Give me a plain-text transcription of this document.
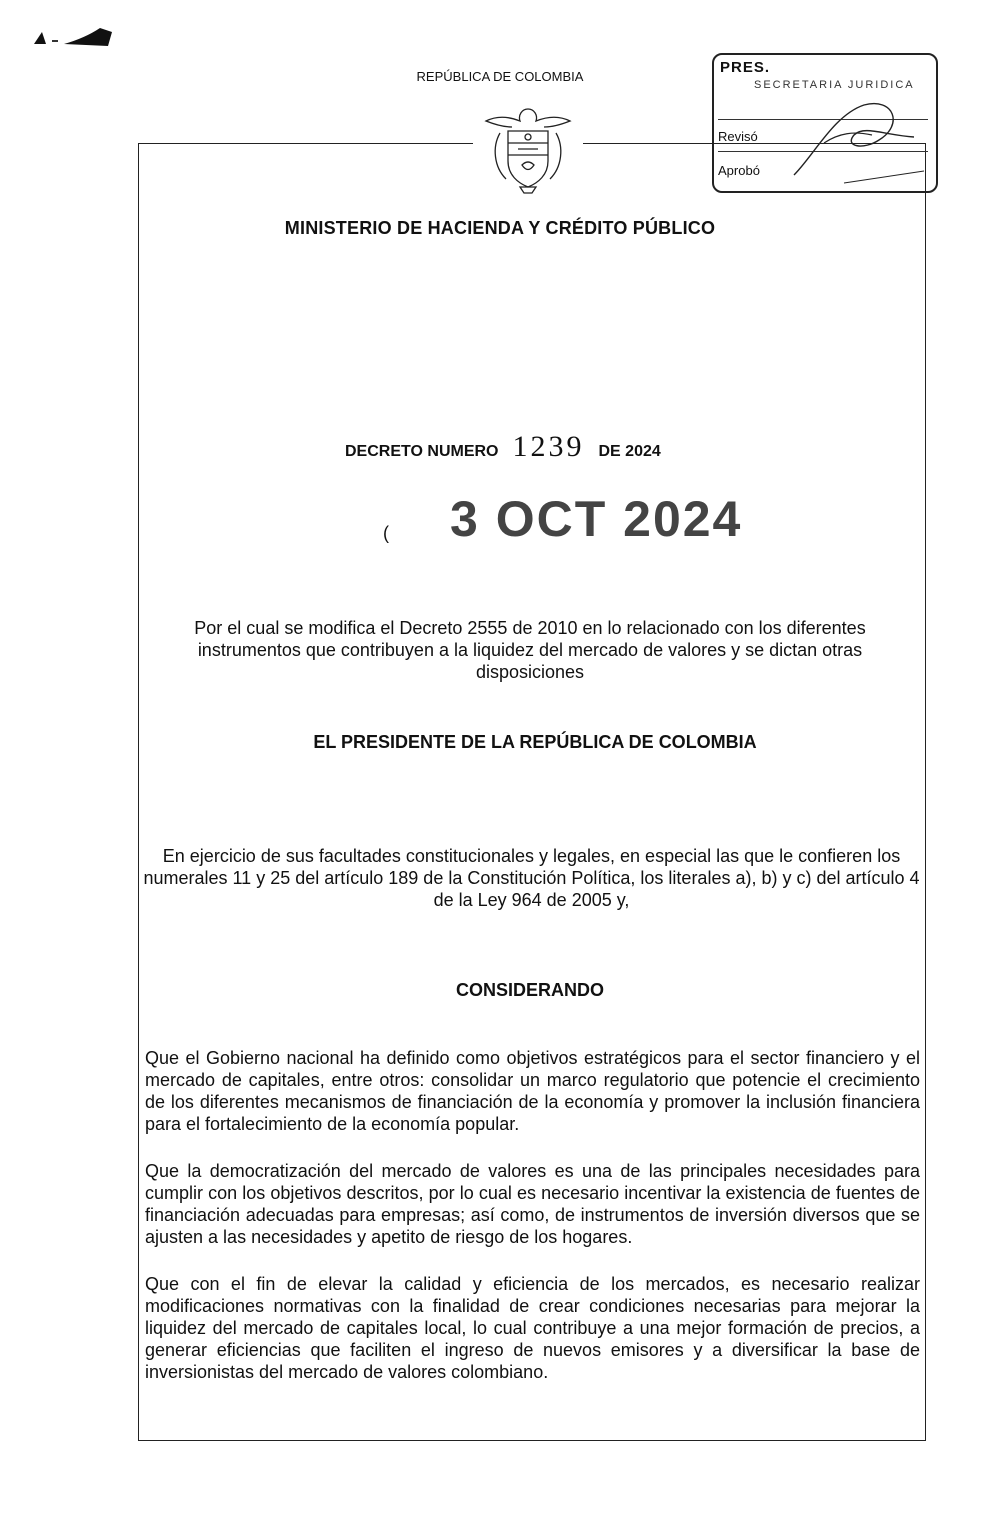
REPÚBLICA DE COLOMBIA
MINISTERIO DE HACIENDA Y CRÉDITO PÚBLICO
PRES.
SECRETARIA JURIDICA
Revisó
Aprobó
DECRETO NUMERO 1239 DE 2024
( 3 OCT 2024
Por el cual se modifica el Decreto 2555 de 2010 en lo relacionado con los diferentes instrumentos que contribuyen a la liquidez del mercado de valores y se dictan otras disposiciones
EL PRESIDENTE DE LA REPÚBLICA DE COLOMBIA
En ejercicio de sus facultades constitucionales y legales, en especial las que le confieren los numerales 11 y 25 del artículo 189 de la Constitución Política, los literales a), b) y c) del artículo 4 de la Ley 964 de 2005 y,
CONSIDERANDO
Que el Gobierno nacional ha definido como objetivos estratégicos para el sector financiero y el mercado de capitales, entre otros: consolidar un marco regulatorio que potencie el crecimiento de los diferentes mecanismos de financiación de la economía y promover la inclusión financiera para el fortalecimiento de la economía popular.
Que la democratización del mercado de valores es una de las principales necesidades para cumplir con los objetivos descritos, por lo cual es necesario incentivar la existencia de fuentes de financiación adecuadas para empresas; así como, de instrumentos de inversión diversos que se ajusten a las necesidades y apetito de riesgo de los hogares.
Que con el fin de elevar la calidad y eficiencia de los mercados, es necesario realizar modificaciones normativas con la finalidad de crear condiciones necesarias para mejorar la liquidez del mercado de capitales local, lo cual contribuye a una mejor formación de precios, a generar eficiencias que faciliten el ingreso de nuevos emisores y a diversificar la base de inversionistas del mercado de valores colombiano.
